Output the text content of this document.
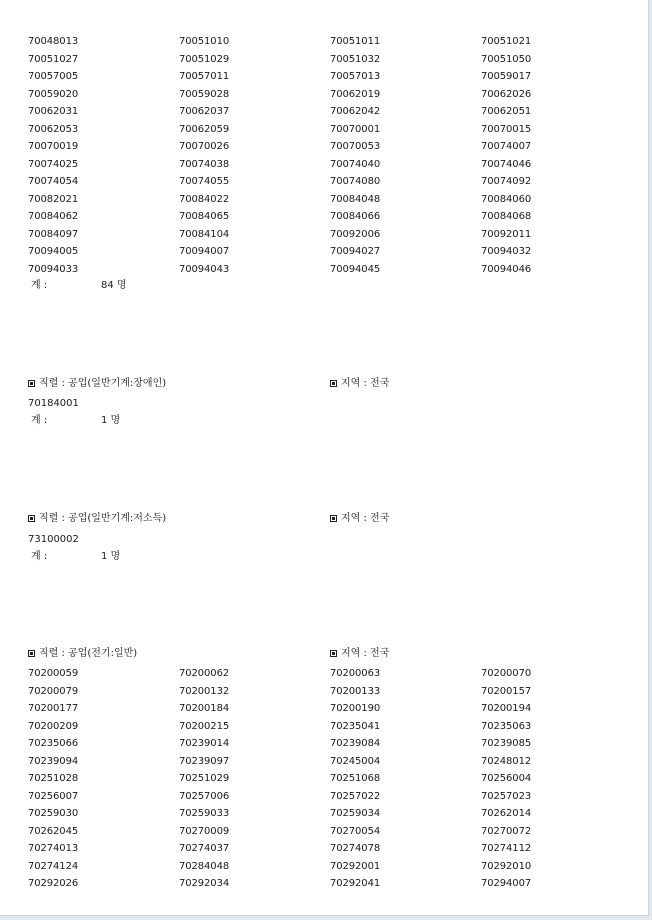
70048013	70051010	70051011	70051021
70051027	70051029	70051032	70051050
70057005	70057011	70057013	70059017
70059020	70059028	70062019	70062026
70062031	70062037	70062042	70062051
70062053	70062059	70070001	70070015
70070019	70070026	70070053	70074007
70074025	70074038	70074040	70074046
70074054	70074055	70074080	70074092
70082021	70084022	70084048	70084060
70084062	70084065	70084066	70084068
70084097	70084104	70092006	70092011
70094005	70094007	70094027	70094032
70094033	70094043	70094045	70094046
계 :	84 명
직렬 : 공업(일반기계:장애인)	지역 : 전국
70184001
계 :	1 명
직렬 : 공업(일반기계:저소득)	지역 : 전국
73100002
계 :	1 명
직렬 : 공업(전기:일반)	지역 : 전국
70200059	70200062	70200063	70200070
70200079	70200132	70200133	70200157
70200177	70200184	70200190	70200194
70200209	70200215	70235041	70235063
70235066	70239014	70239084	70239085
70239094	70239097	70245004	70248012
70251028	70251029	70251068	70256004
70256007	70257006	70257022	70257023
70259030	70259033	70259034	70262014
70262045	70270009	70270054	70270072
70274013	70274037	70274078	70274112
70274124	70284048	70292001	70292010
70292026	70292034	70292041	70294007
